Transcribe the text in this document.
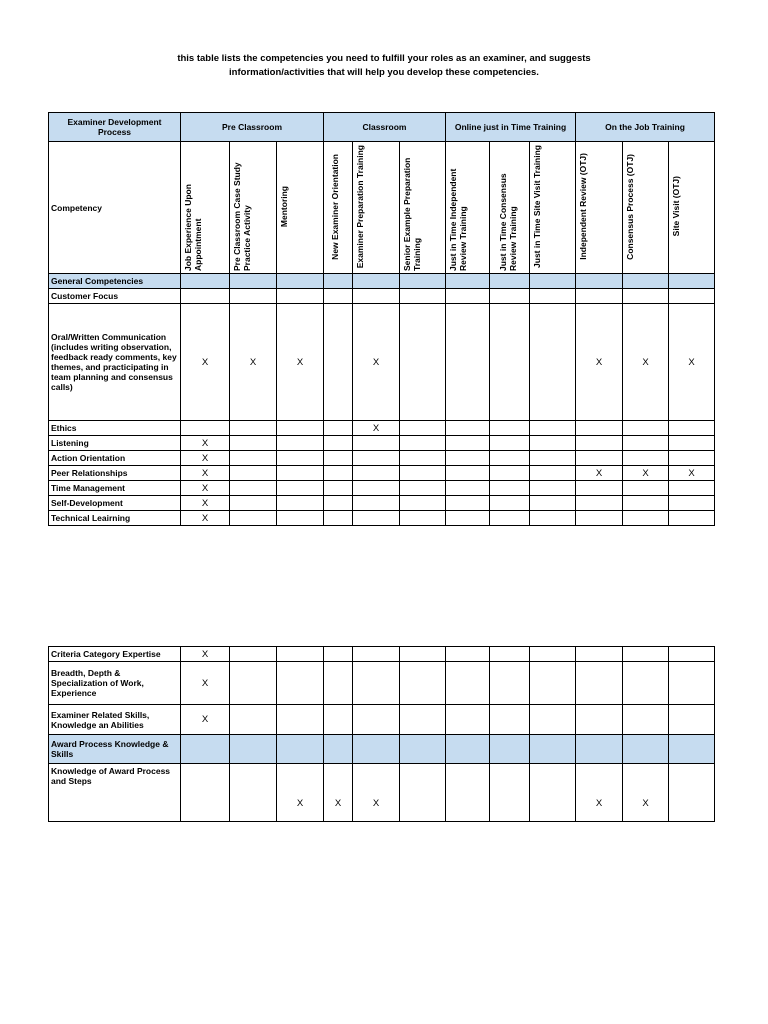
this table lists the competencies you need to fulfill your roles as an examiner, and suggests
information/activities that will help you develop these competencies.
Examiner Development Process	Pre Classroom			Classroom			Online just in Time Training			On the Job Training		
Competency	Job Experience Upon Appointment	Pre Classroom Case Study Practice Activity	Mentoring	New Examiner Orientation	Examiner Preparation Training	Senior Example Preparation Training	Just in Time Independent Review Training	Just in Time Consensus Review Training	Just in Time Site Visit Training	Independent Review (OTJ)	Consensus Process (OTJ)	Site Visit (OTJ)
General Competencies												
Customer Focus												
Oral/Written Communication (includes writing observation, feedback ready comments, key themes, and practicipating in team planning and consensus calls)	X	X	X		X					X	X	X
Ethics					X							
Listening	X											
Action Orientation	X											
Peer Relationships	X									X	X	X
Time Management	X											
Self-Development	X											
Technical Leairning	X											
Criteria Category Expertise	X											
Breadth, Depth & Specialization of Work, Experience	X											
Examiner Related Skills, Knowledge an Abilities	X											
Award Process Knowledge & Skills												
Knowledge of Award Process and Steps			X	X	X					X	X	
